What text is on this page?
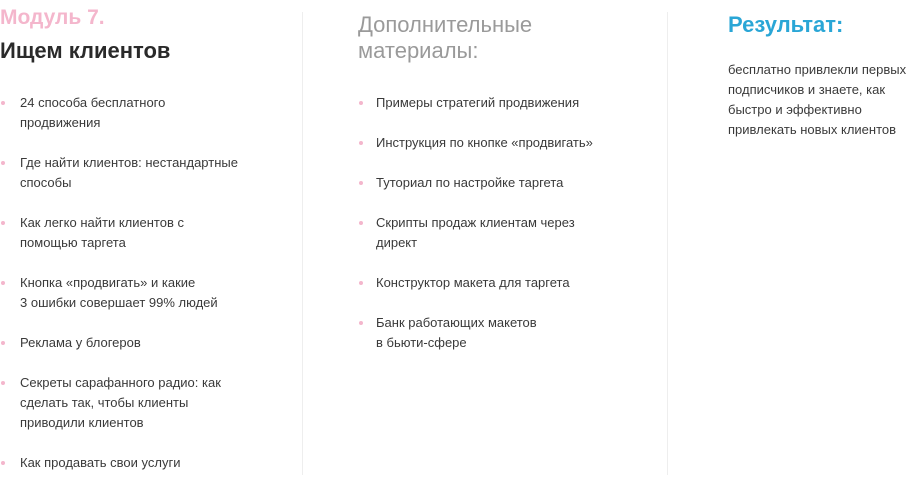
Модуль 7.
Ищем клиентов
24 способа бесплатного
продвижения
Где найти клиентов: нестандартные
способы
Как легко найти клиентов с
помощью таргета
Кнопка «продвигать» и какие
3 ошибки совершает 99% людей
Реклама у блогеров
Секреты сарафанного радио: как
сделать так, чтобы клиенты
приводили клиентов
Как продавать свои услуги
Дополнительные
материалы:
Примеры стратегий продвижения
Инструкция по кнопке «продвигать»
Туториал по настройке таргета
Скрипты продаж клиентам через
директ
Конструктор макета для таргета
Банк работающих макетов
в бьюти-сфере
Результат:
бесплатно привлекли первых подписчиков и знаете, как быстро и эффективно привлекать новых клиентов
